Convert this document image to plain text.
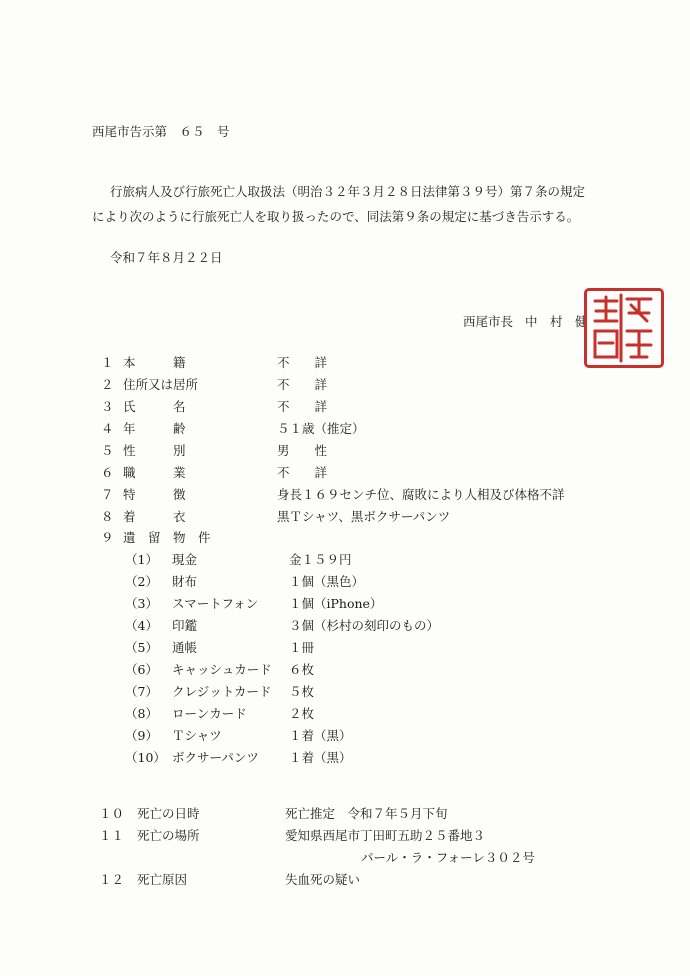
西尾市告示第　６５　号
行旅病人及び行旅死亡人取扱法（明治３２年３月２８日法律第３９号）第７条の規定
により次のように行旅死亡人を取り扱ったので、同法第９条の規定に基づき告示する。
令和７年８月２２日
西尾市長 中　村　健
１ 本　　　籍	不　　詳
２ 住所又は居所	不　　詳
３ 氏　　　名	不　　詳
４ 年　　　齢	５１歳（推定）
５ 性　　　別	男　　性
６ 職　　　業	不　　詳
７ 特　　　徴	身長１６９センチ位、腐敗により人相及び体格不詳
８ 着　　　衣	黒Ｔシャツ、黒ボクサーパンツ
９ 遺　留　物　件
（1） 現金	金１５９円
（2） 財布	１個（黒色）
（3） スマートフォン １個（iPhone）
（4） 印鑑	３個（杉村の刻印のもの）
（5） 通帳	１冊
（6） キャッシュカード ６枚
（7） クレジットカード ５枚
（8） ローンカード	２枚
（9） Ｔシャツ	１着（黒）
（10） ボクサーパンツ １着（黒）
１０ 死亡の日時	死亡推定　令和７年５月下旬
１１ 死亡の場所	愛知県西尾市丁田町五助２５番地３
パール・ラ・フォーレ３０２号
１２ 死亡原因	失血死の疑い
